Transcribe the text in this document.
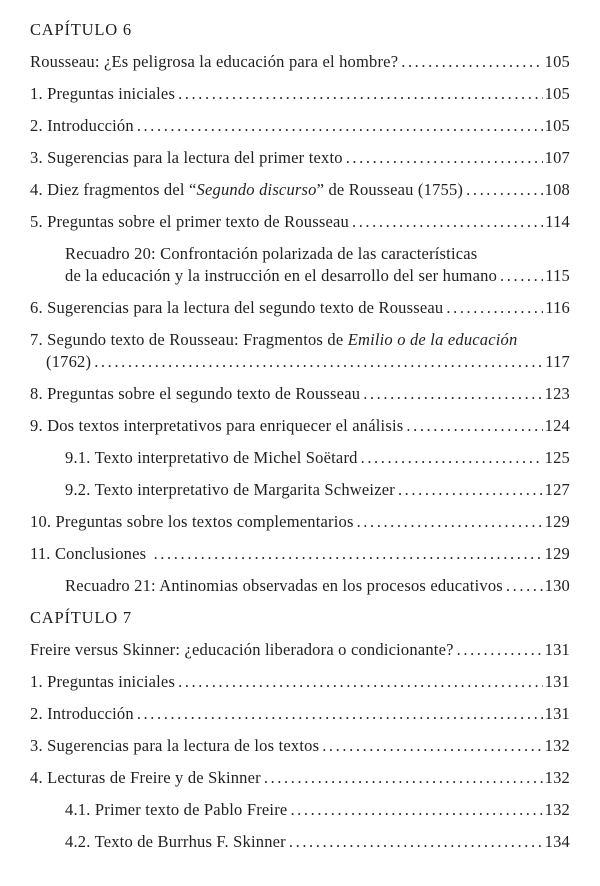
CAPÍTULO 6
Rousseau: ¿Es peligrosa la educación para el hombre? .....	105
1. Preguntas iniciales .....	105
2. Introducción .....	105
3. Sugerencias para la lectura del primer texto .....	107
4. Diez fragmentos del “Segundo discurso” de Rousseau (1755) .....	108
5. Preguntas sobre el primer texto de Rousseau .....	114
Recuadro 20: Confrontación polarizada de las características
de la educación y la instrucción en el desarrollo del ser humano .....	115
6. Sugerencias para la lectura del segundo texto de Rousseau .....	116
7. Segundo texto de Rousseau: Fragmentos de Emilio o de la educación
(1762) .....	117
8. Preguntas sobre el segundo texto de Rousseau .....	123
9. Dos textos interpretativos para enriquecer el análisis .....	124
9.1. Texto interpretativo de Michel Soëtard .....	125
9.2. Texto interpretativo de Margarita Schweizer .....	127
10. Preguntas sobre los textos complementarios .....	129
11. Conclusiones .....	129
Recuadro 21: Antinomias observadas en los procesos educativos .....	130
CAPÍTULO 7
Freire versus Skinner: ¿educación liberadora o condicionante? .....	131
1. Preguntas iniciales .....	131
2. Introducción .....	131
3. Sugerencias para la lectura de los textos .....	132
4. Lecturas de Freire y de Skinner .....	132
4.1. Primer texto de Pablo Freire .....	132
4.2. Texto de Burrhus F. Skinner .....	134
